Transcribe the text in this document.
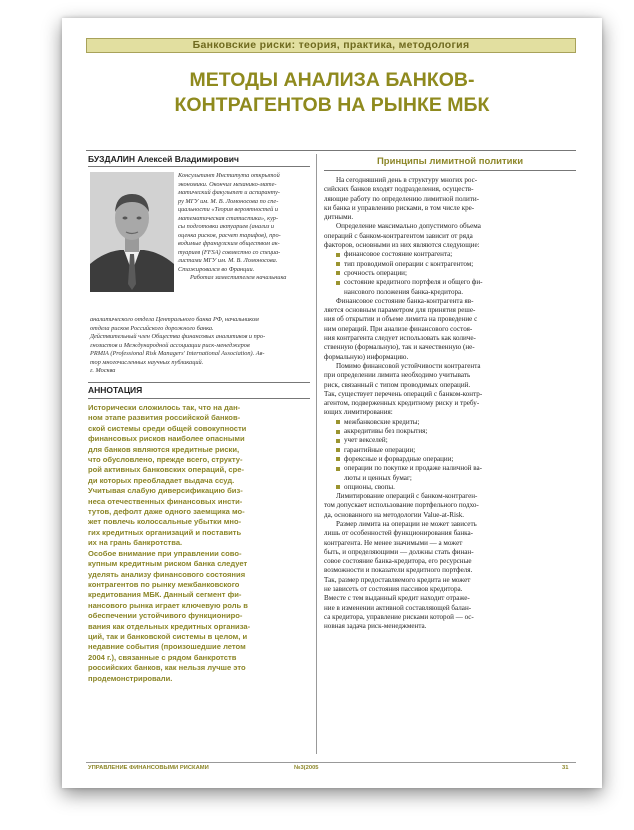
Банковские риски: теория, практика, методология
МЕТОДЫ АНАЛИЗА БАНКОВ-
КОНТРАГЕНТОВ НА РЫНКЕ МБК
БУЗДАЛИН Алексей Владимирович

Консультант Института открытой

экономики. Окончил механико-мате-

матический факультет и аспиранту-

ру МГУ им. М. В. Ломоносова по спе-

циальности «Теория вероятностей и

математическая статистика», кур-

сы подготовки актуариев (анализ и

оценка рисков, расчет тарифов), про-

водимые французским обществом ак-

туариев (FFSA) совместно со специа-

листами МГУ им. М. В. Ломоносова.

Стажировался во Франции.

Работал заместителем начальника

аналитического отдела Центрального банка РФ, начальником

отдела рисков Российского дорожного банка.

Действительный член Общества финансовых аналитиков и про-

гнозистов и Международной ассоциации риск-менеджеров

PRMIA (Professional Risk Managers' International Association). Ав-

тор многочисленных научных публикаций.

г. Москва

АННОТАЦИЯ

Исторически сложилось так, что на дан-

ном этапе развития российской банков-

ской системы среди общей совокупности

финансовых рисков наиболее опасными

для банков являются кредитные риски,

что обусловлено, прежде всего, структу-

рой активных банковских операций, сре-

ди которых преобладает выдача ссуд.

Учитывая слабую диверсификацию биз-

неса отечественных финансовых инсти-

тутов, дефолт даже одного заемщика мо-

жет повлечь колоссальные убытки мно-

гих кредитных организаций и поставить

их на грань банкротства.

Особое внимание при управлении сово-

купным кредитным риском банка следует

уделять анализу финансового состояния

контрагентов по рынку межбанковского

кредитования МБК. Данный сегмент фи-

нансового рынка играет ключевую роль в

обеспечении устойчивого функциониро-

вания как отдельных кредитных организа-

ций, так и банковской системы в целом, и

недавние события (произошедшие летом

2004 г.), связанные с рядом банкротств

российских банков, как нельзя лучше это

продемонстрировали.

Принципы лимитной политики

На сегодняшний день в структуру многих рос-

сийских банков входят подразделения, осуществ-

ляющие работу по определению лимитной полити-

ки банка и управлению рисками, в том числе кре-

дитными.

Определение максимально допустимого объема

операций с банком-контрагентом зависит от ряда

факторов, основными из них являются следующие:

финансовое состояние контрагента;
тип проводимой операции с контрагентом;
срочность операции;
состояние кредитного портфеля и общего фи-

нансового положения банка-кредитора.

Финансовое состояние банка-контрагента яв-

ляется основным параметром для принятия реше-

ния об открытии и объеме лимита на проведение с

ним операций. При анализе финансового состоя-

ния контрагента следует использовать как количе-

ственную (формальную), так и качественную (не-

формальную) информацию.

Помимо финансовой устойчивости контрагента

при определении лимита необходимо учитывать

риск, связанный с типом проводимых операций.

Так, существует перечень операций с банком-контр-

агентом, подверженных кредитному риску и требу-

ющих лимитирования:

межбанковские кредиты;
аккредитивы без покрытия;
учет векселей;
гарантийные операции;
форексные и форвардные операции;
операции по покупке и продаже наличной ва-

люты и ценных бумаг;

опционы, свопы.

Лимитирование операций с банком-контраген-

том допускает использование портфельного подхо-

да, основанного на методологии Value-at-Risk.

Размер лимита на операции не может зависеть

лишь от особенностей функционирования банка-

контрагента. Не менее значимыми — а может

быть, и определяющими — должны стать финан-

совое состояние банка-кредитора, его ресурсные

возможности и показатели кредитного портфеля.

Так, размер предоставляемого кредита не может

не зависеть от состояния пассивов кредитора.

Вместе с тем выданный кредит находит отраже-

ние в изменении активной составляющей балан-

са кредитора, управление рисками которой — ос-

новная задача риск-менеджмента.

УПРАВЛЕНИЕ ФИНАНСОВЫМИ РИСКАМИ	№3(2005	31
